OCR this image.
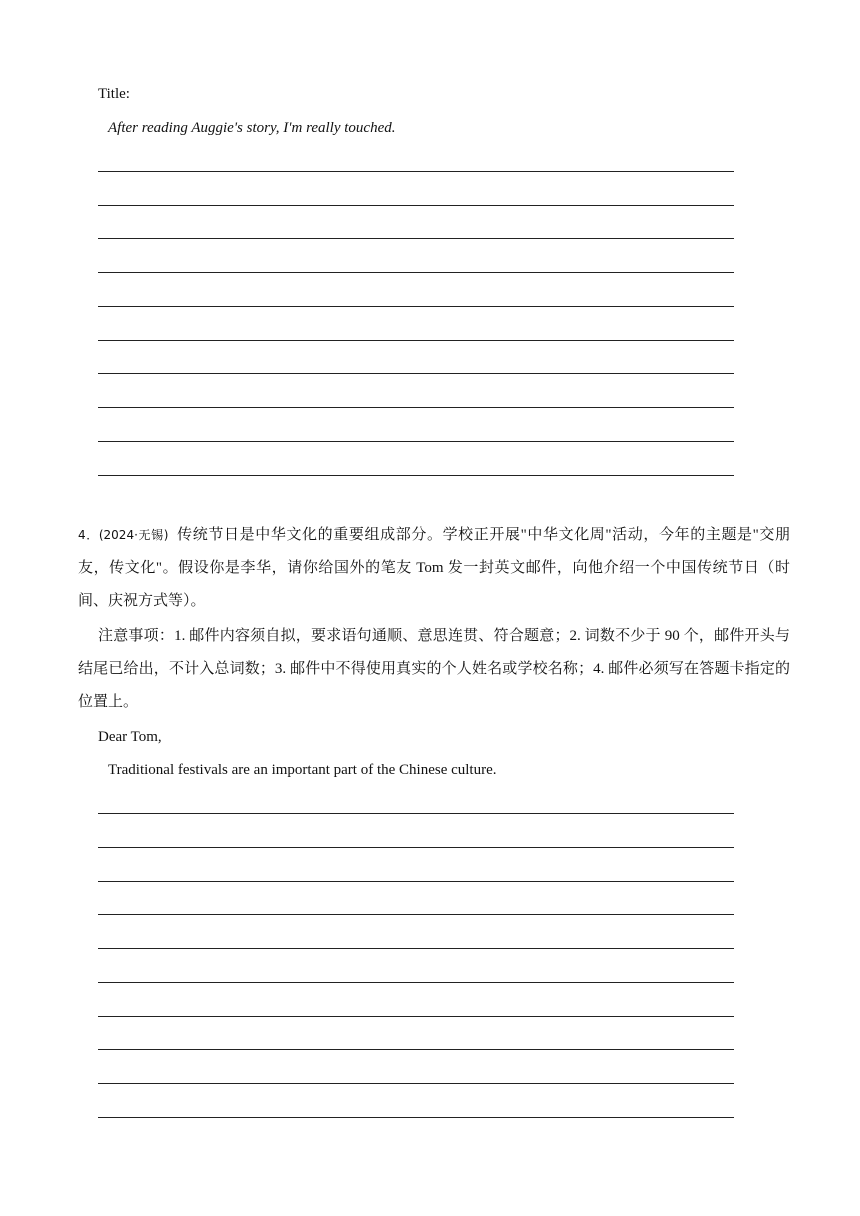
Title:
After reading Auggie's story, I'm really touched.
4．(2024·无锡) 传统节日是中华文化的重要组成部分。学校正开展"中华文化周"活动，今年的主题是"交朋友，传文化"。假设你是李华，请你给国外的笔友 Tom 发一封英文邮件，向他介绍一个中国传统节日（时间、庆祝方式等）。
注意事项：1. 邮件内容须自拟，要求语句通顺、意思连贯、符合题意；2. 词数不少于 90 个，邮件开头与结尾已给出，不计入总词数；3. 邮件中不得使用真实的个人姓名或学校名称；4. 邮件必须写在答题卡指定的位置上。
Dear Tom,
Traditional festivals are an important part of the Chinese culture.
